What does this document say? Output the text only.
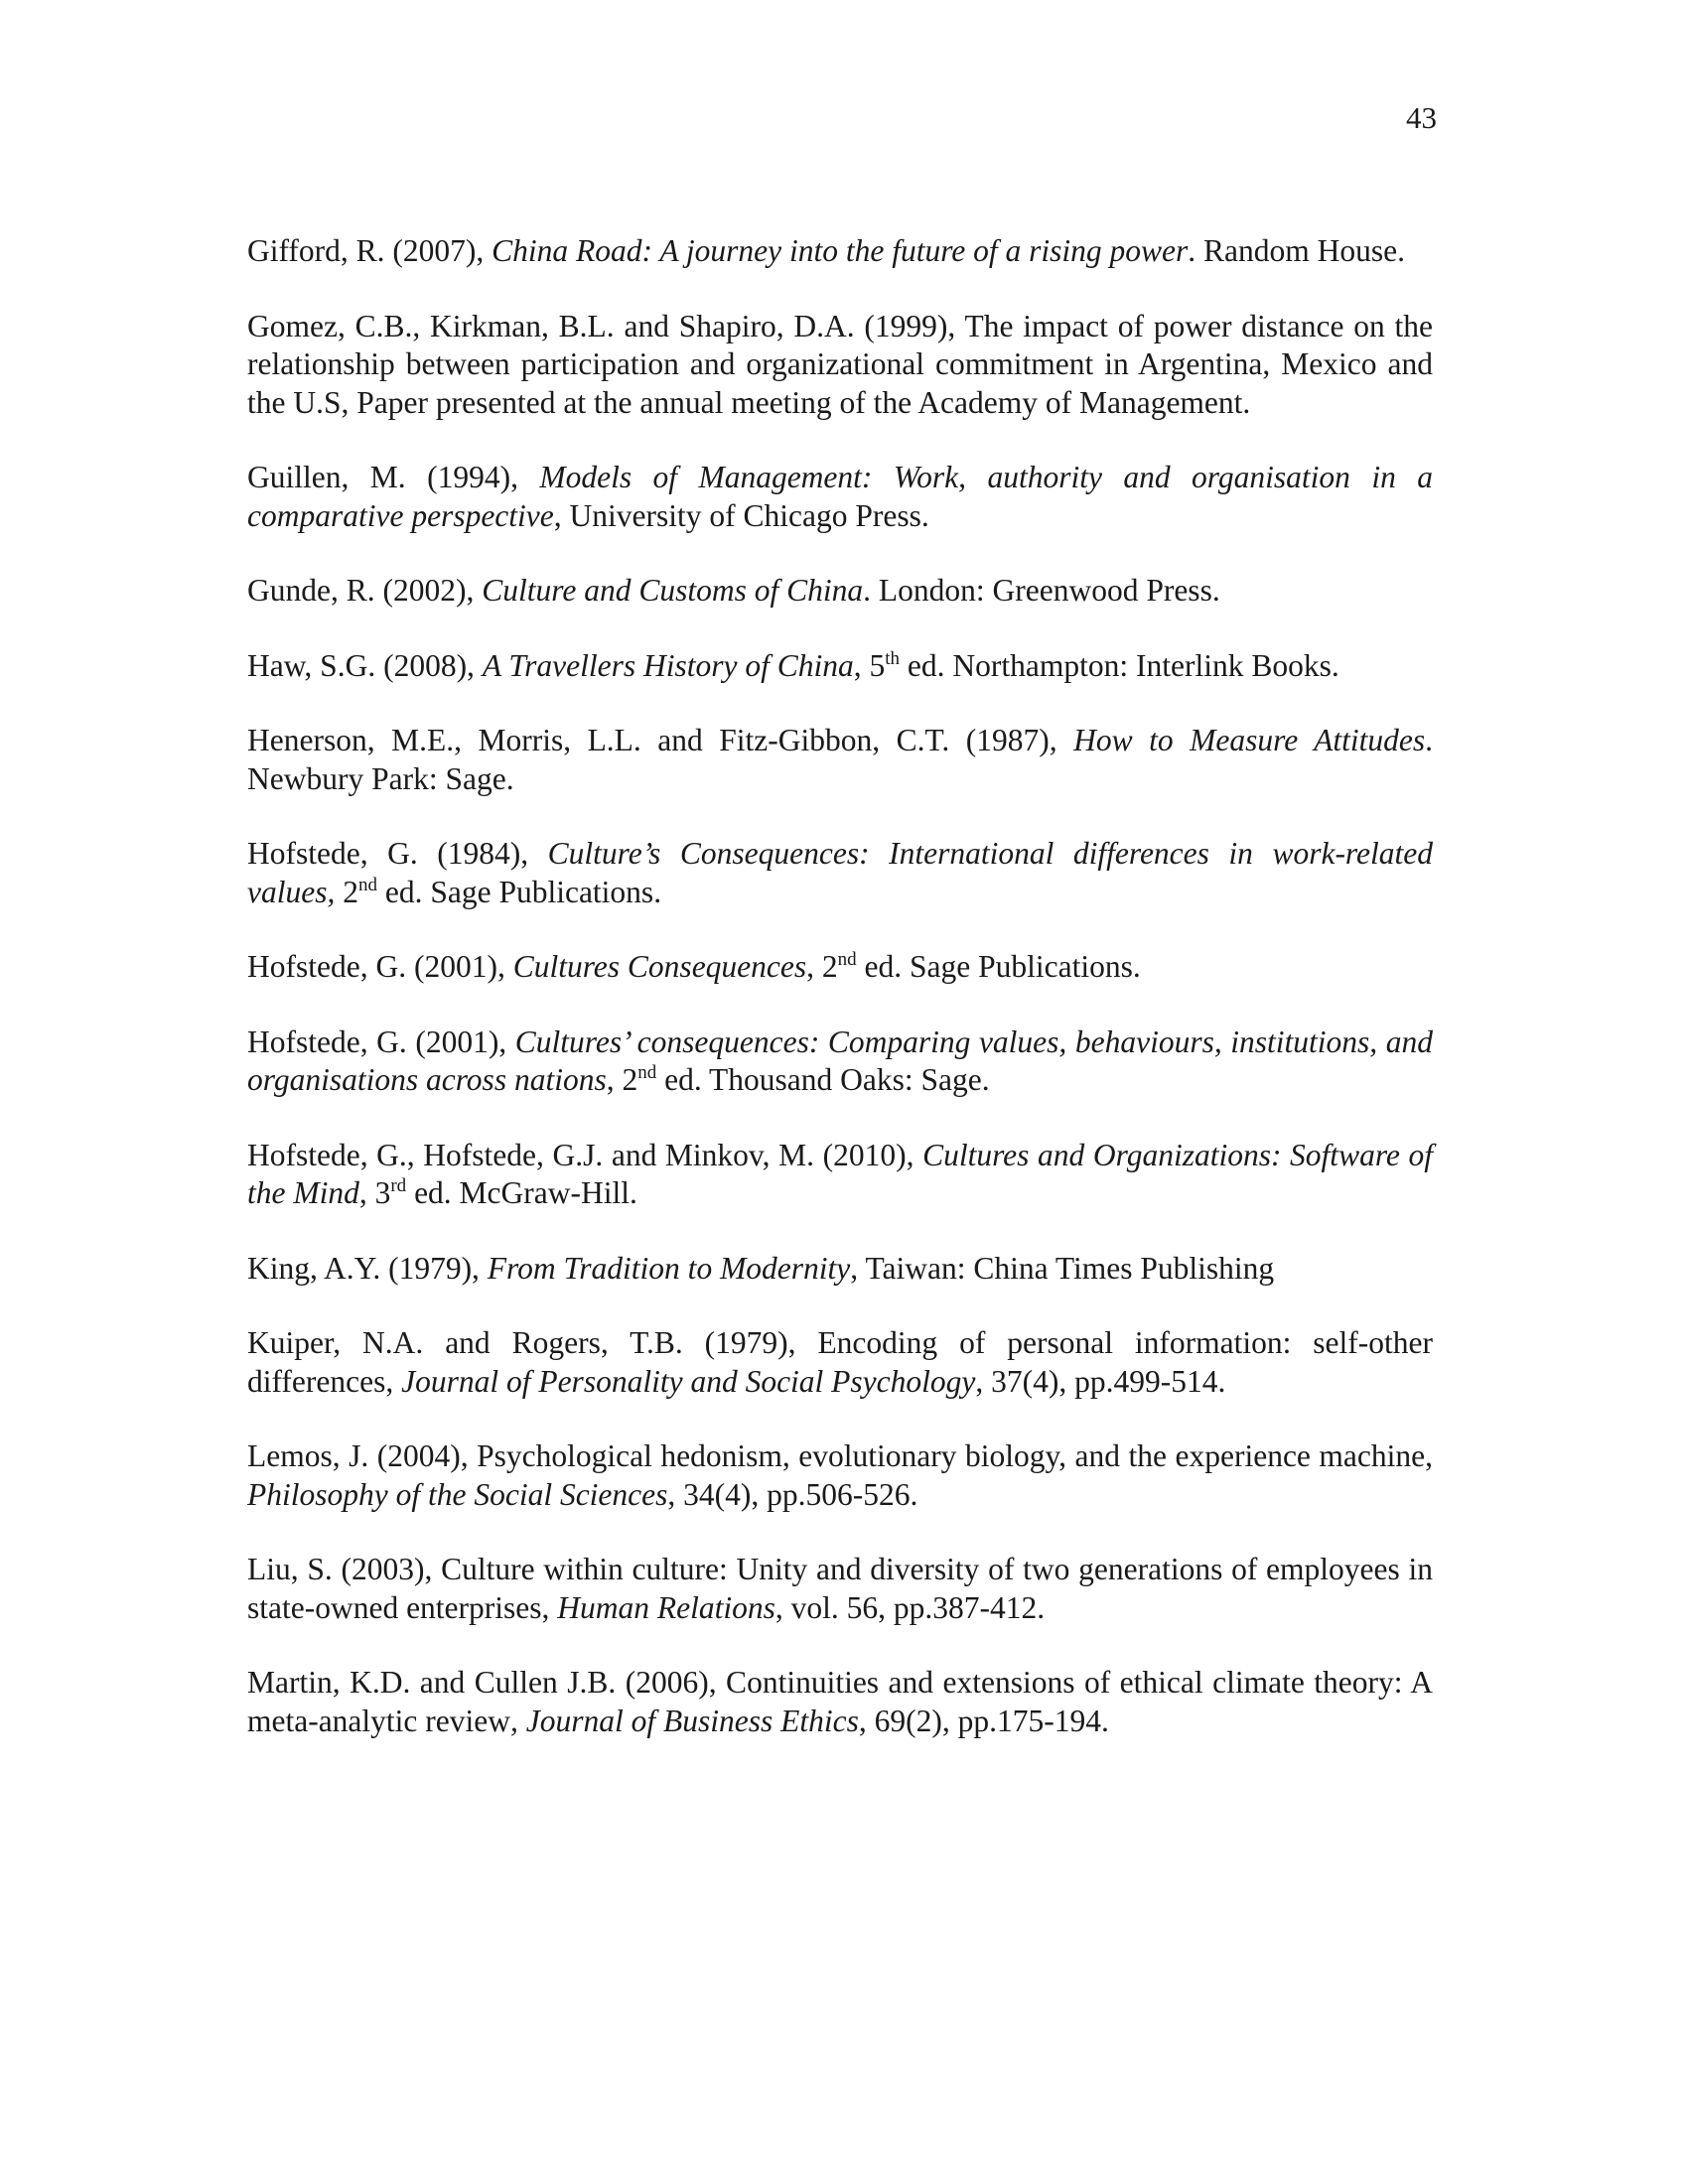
43

Gifford, R. (2007), China Road: A journey into the future of a rising power. Random House.

Gomez, C.B., Kirkman, B.L. and Shapiro, D.A. (1999), The impact of power distance on the relationship between participation and organizational commitment in Argentina, Mexico and the U.S, Paper presented at the annual meeting of the Academy of Management.

Guillen, M. (1994), Models of Management: Work, authority and organisation in a comparative perspective, University of Chicago Press.

Gunde, R. (2002), Culture and Customs of China. London: Greenwood Press.

Haw, S.G. (2008), A Travellers History of China, 5th ed. Northampton: Interlink Books.

Henerson, M.E., Morris, L.L. and Fitz-Gibbon, C.T. (1987), How to Measure Attitudes. Newbury Park: Sage.

Hofstede, G. (1984), Culture’s Consequences: International differences in work-related values, 2nd ed. Sage Publications.

Hofstede, G. (2001), Cultures Consequences, 2nd ed. Sage Publications.

Hofstede, G. (2001), Cultures’ consequences: Comparing values, behaviours, institutions, and organisations across nations, 2nd ed. Thousand Oaks: Sage.

Hofstede, G., Hofstede, G.J. and Minkov, M. (2010), Cultures and Organizations: Software of the Mind, 3rd ed. McGraw-Hill.

King, A.Y. (1979), From Tradition to Modernity, Taiwan: China Times Publishing

Kuiper, N.A. and Rogers, T.B. (1979), Encoding of personal information: self-other differences, Journal of Personality and Social Psychology, 37(4), pp.499-514.

Lemos, J. (2004), Psychological hedonism, evolutionary biology, and the experience machine, Philosophy of the Social Sciences, 34(4), pp.506-526.

Liu, S. (2003), Culture within culture: Unity and diversity of two generations of employees in state-owned enterprises, Human Relations, vol. 56, pp.387-412.

Martin, K.D. and Cullen J.B. (2006), Continuities and extensions of ethical climate theory: A meta-analytic review, Journal of Business Ethics, 69(2), pp.175-194.
